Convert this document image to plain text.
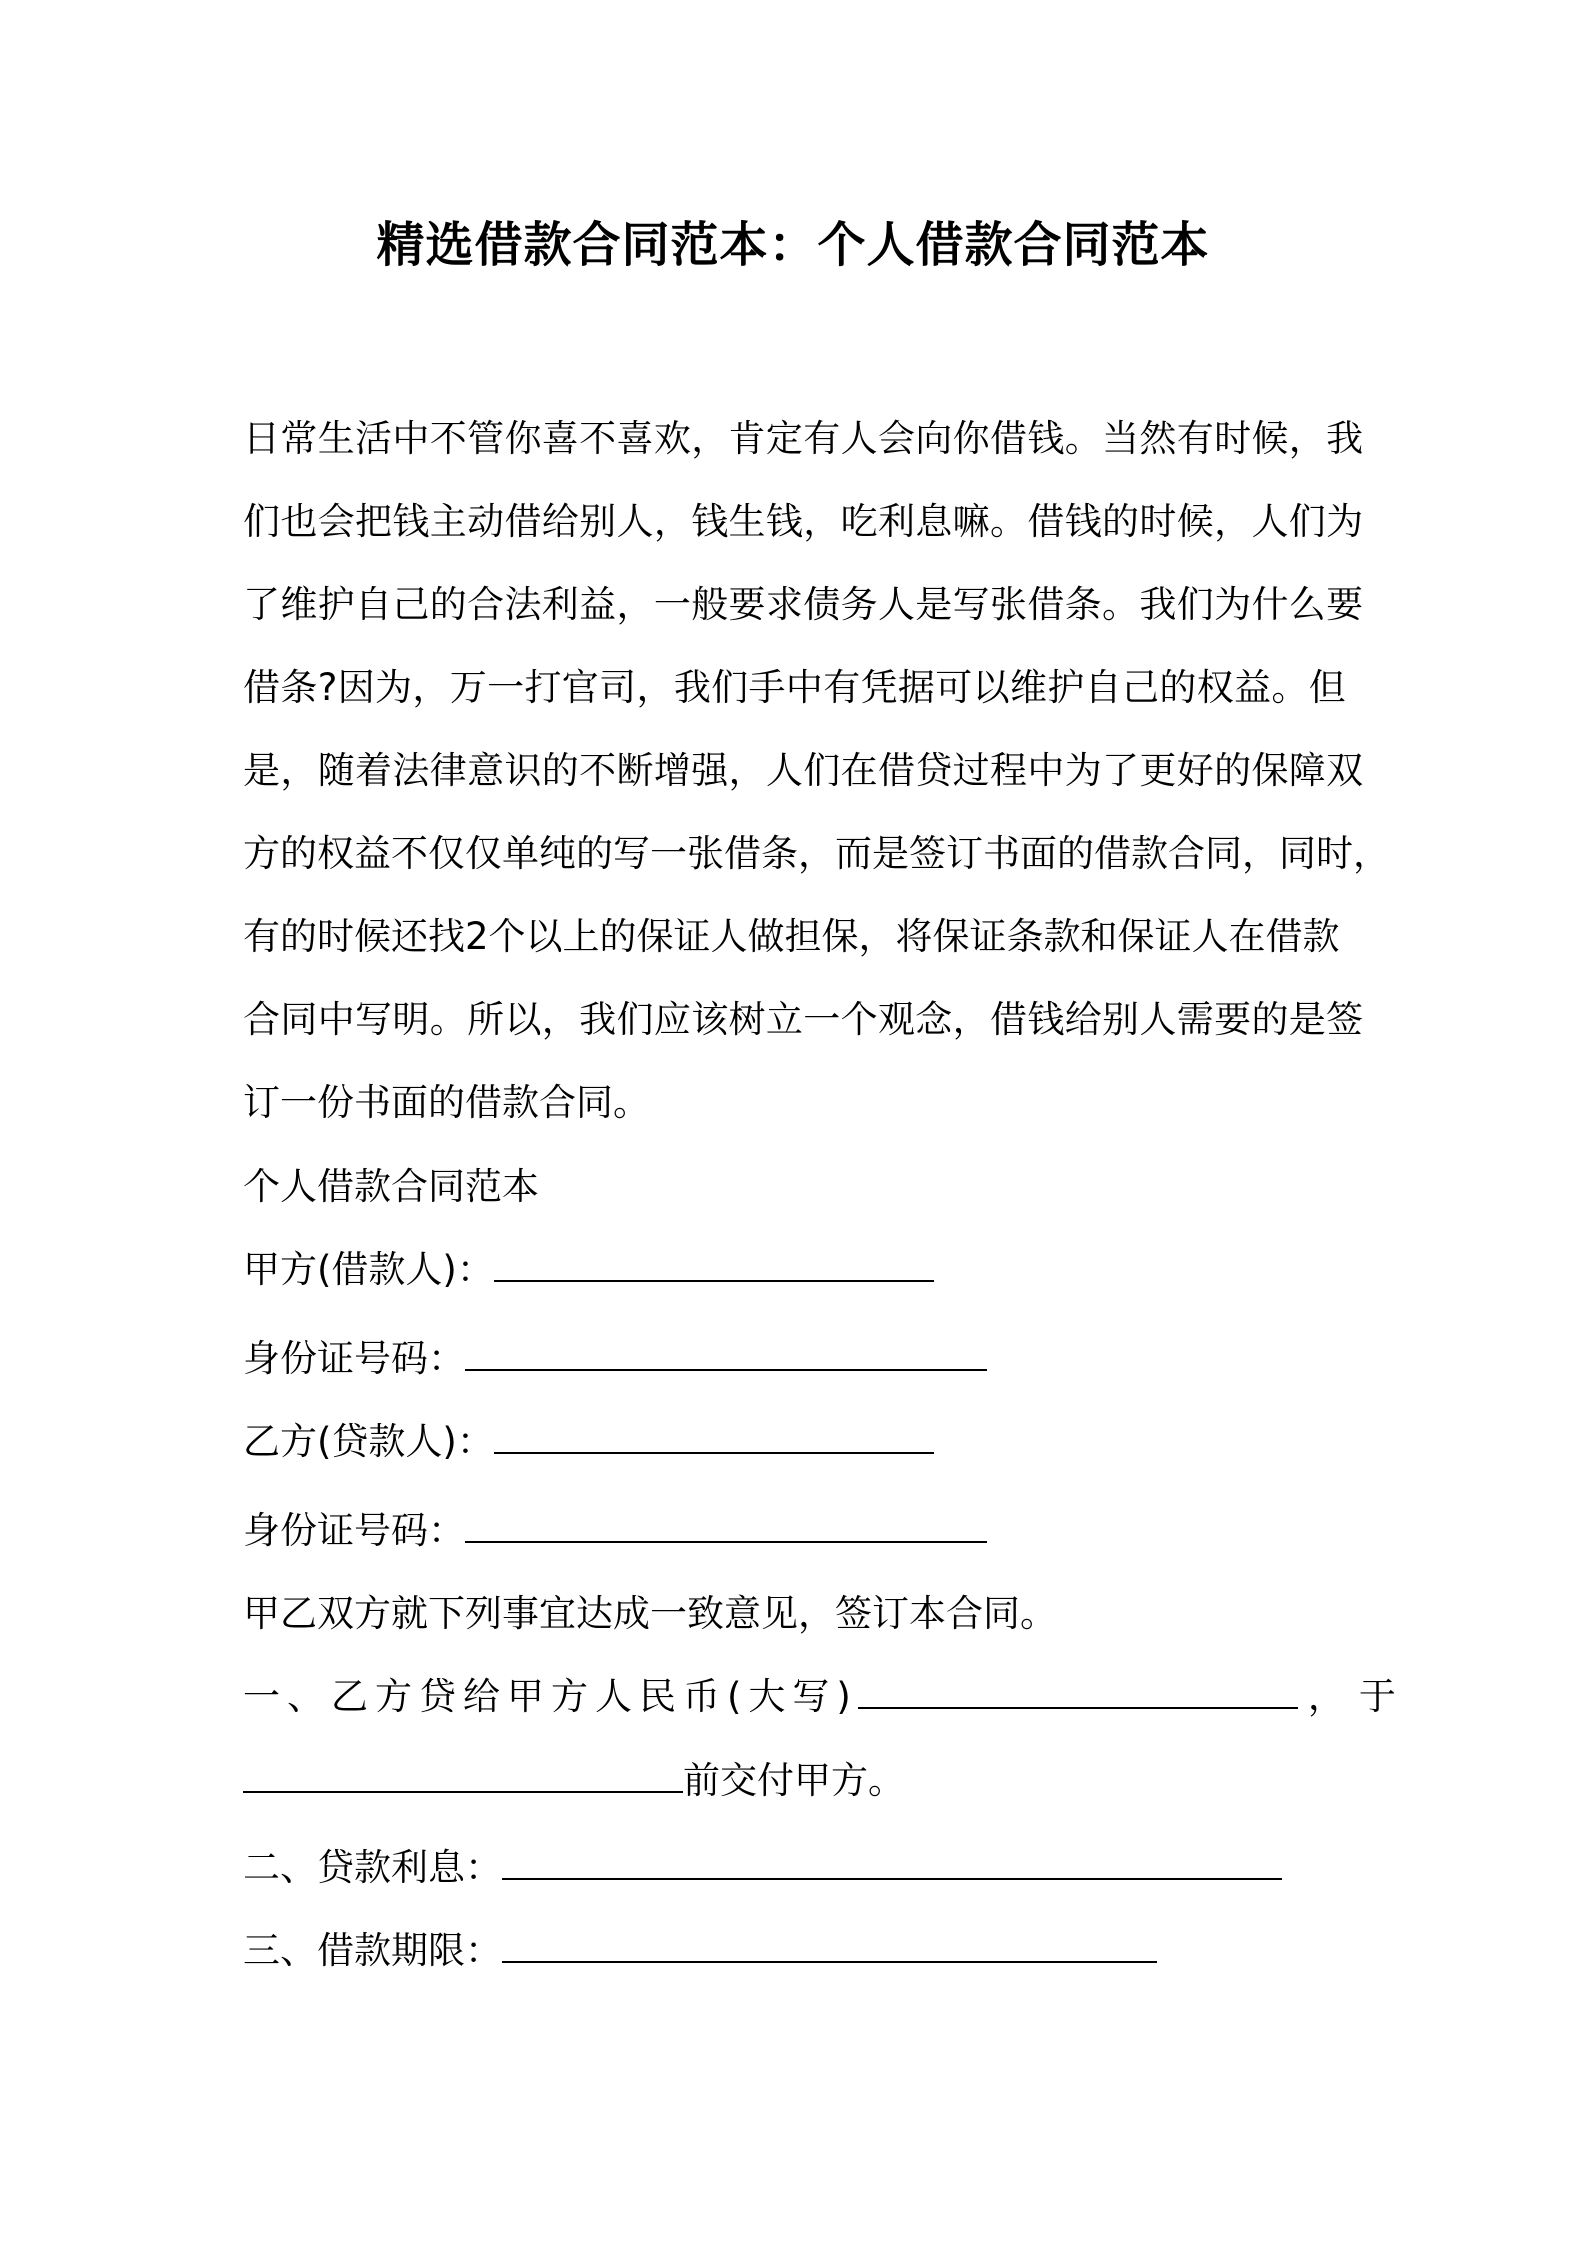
精选借款合同范本：个人借款合同范本
日常生活中不管你喜不喜欢，肯定有人会向你借钱。当然有时候，我
们也会把钱主动借给别人，钱生钱，吃利息嘛。借钱的时候，人们为
了维护自己的合法利益，一般要求债务人是写张借条。我们为什么要
借条?因为，万一打官司，我们手中有凭据可以维护自己的权益。但
是，随着法律意识的不断增强，人们在借贷过程中为了更好的保障双
方的权益不仅仅单纯的写一张借条，而是签订书面的借款合同，同时，
有的时候还找2个以上的保证人做担保，将保证条款和保证人在借款
合同中写明。所以，我们应该树立一个观念，借钱给别人需要的是签
订一份书面的借款合同。
个人借款合同范本
甲方(借款人)：
身份证号码：
乙方(贷款人)：
身份证号码：
甲乙双方就下列事宜达成一致意见，签订本合同。
一、乙方贷给甲方人民币(大写)	，于
前交付甲方。
二、贷款利息：
三、借款期限：
